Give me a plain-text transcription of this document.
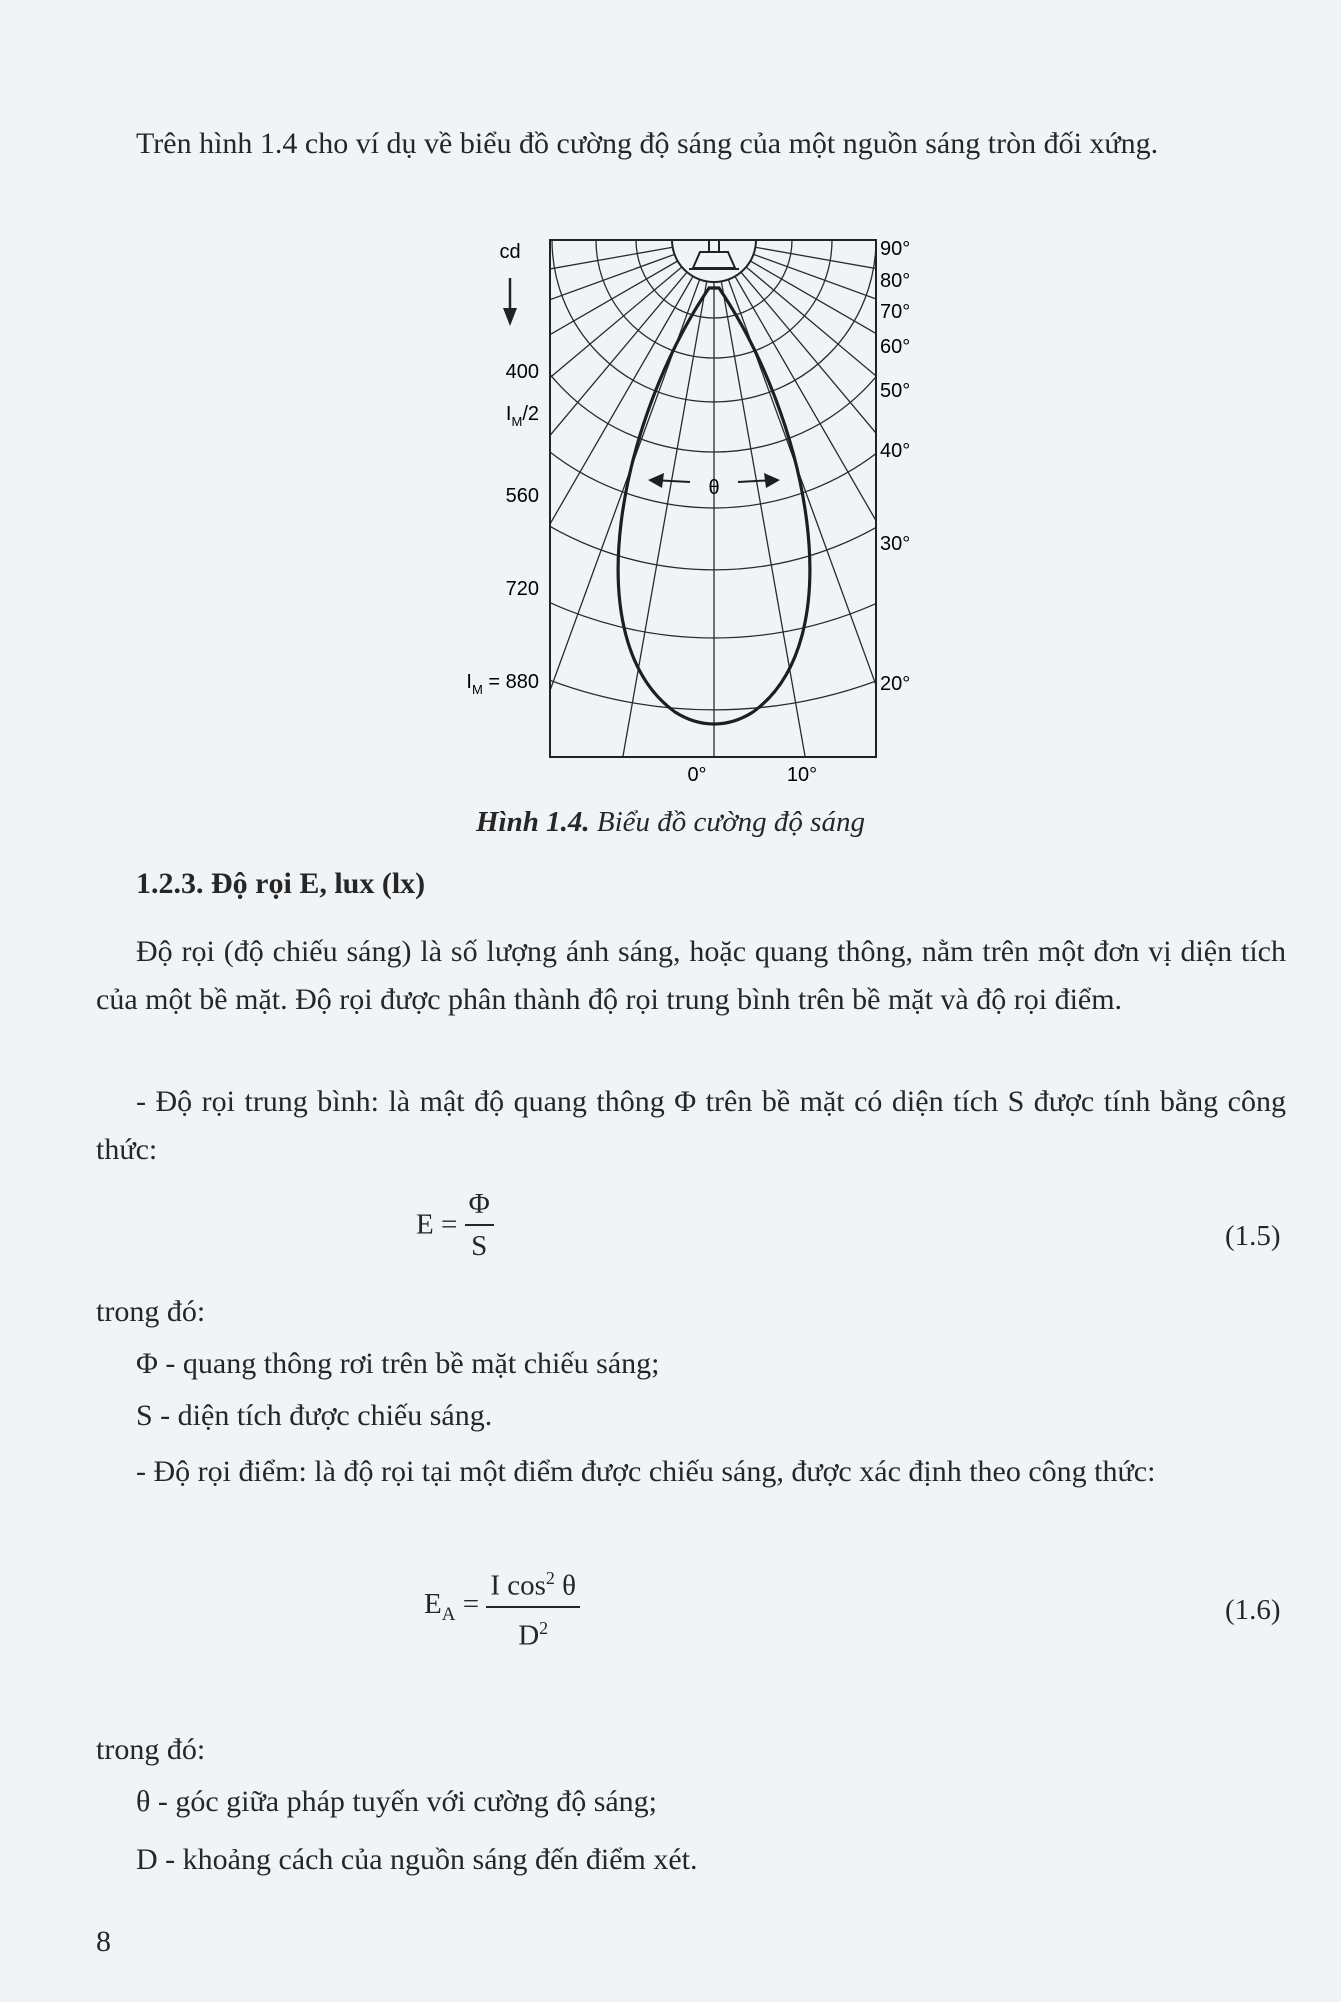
Trên hình 1.4 cho ví dụ về biểu đồ cường độ sáng của một nguồn sáng tròn đối xứng.

θ
cd
400
$I_M/2$
560
720
$I_M = 880$
90°
80°
70°
60°
50°
40°
30°
20°
0°	10°
Hình 1.4. Biểu đồ cường độ sáng
1.2.3. Độ rọi E, lux (lx)

Độ rọi (độ chiếu sáng) là số lượng ánh sáng, hoặc quang thông, nằm trên một đơn vị diện tích của một bề mặt. Độ rọi được phân thành độ rọi trung bình trên bề mặt và độ rọi điểm.

- Độ rọi trung bình: là mật độ quang thông Φ trên bề mặt có diện tích S được tính bằng công thức:

$E = \frac{\Phi}{S}$	(1.5)
trong đó:
Φ - quang thông rơi trên bề mặt chiếu sáng;
S - diện tích được chiếu sáng.

- Độ rọi điểm: là độ rọi tại một điểm được chiếu sáng, được xác định theo công thức:

$E_A = \frac{I \cos^2 \theta}{D^2}$	(1.6)
trong đó:
θ - góc giữa pháp tuyến với cường độ sáng;
D - khoảng cách của nguồn sáng đến điểm xét.
8
